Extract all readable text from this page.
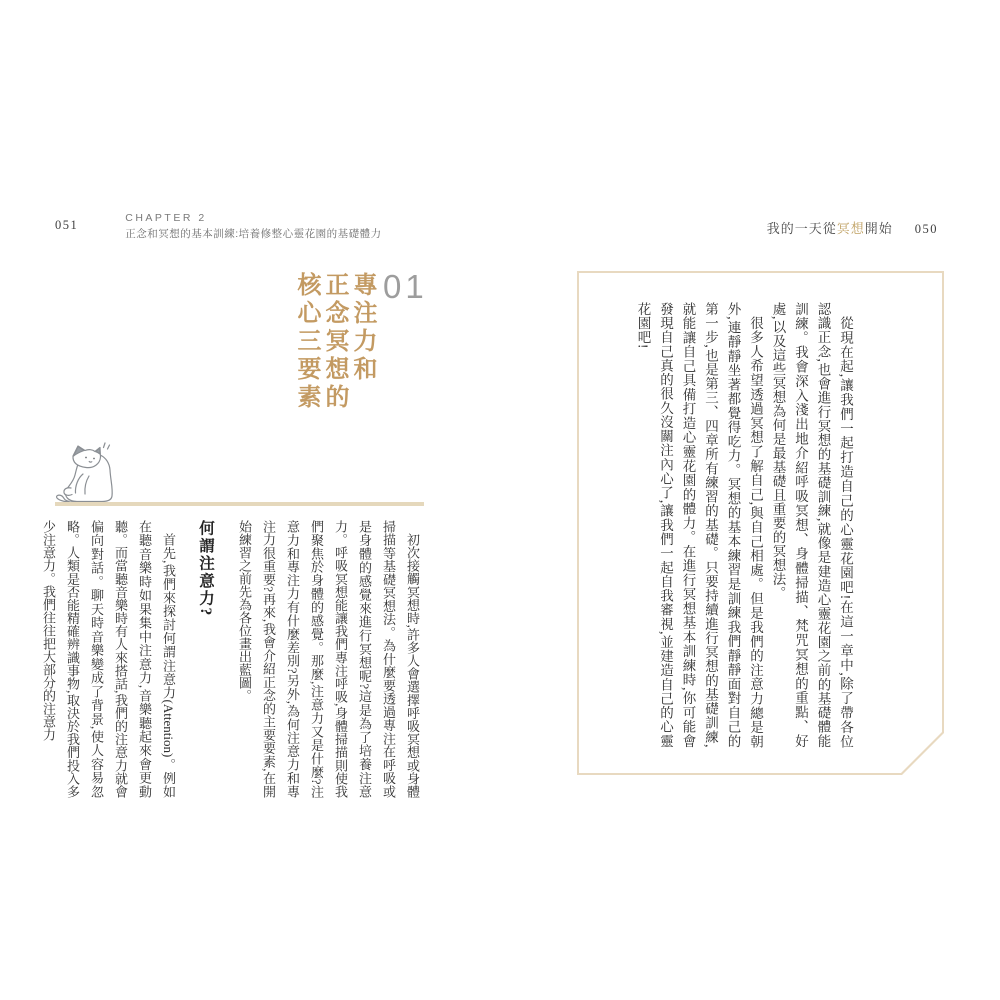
051	CHAPTER 2
正念和冥想的基本訓練:培養修整心靈花園的基礎體力	我的一天從冥想開始 050
01
專注力和
正念冥想的
核心三要素

初次接觸冥想時,許多人會選擇呼吸冥想或身體掃描等基礎冥想法。為什麼要透過專注在呼吸或是身體的感覺來進行冥想呢?這是為了培養注意力。呼吸冥想能讓我們專注呼吸,身體掃描則使我們聚焦於身體的感覺。那麼,注意力又是什麼?注意力和專注力有什麼差別?另外,為何注意力和專注力很重要?再來,我會介紹正念的主要要素,在開始練習之前先為各位畫出藍圖。

何謂注意力?

首先,我們來探討何謂注意力(Attention)。例如在聽音樂時如果集中注意力,音樂聽起來會更動聽。而當聽音樂時有人來搭話,我們的注意力就會偏向對話。聊天時音樂變成了背景,使人容易忽略。人類是否能精確辨識事物,取決於我們投入多少注意力。我們往往把大部分的注意力	從現在起,讓我們一起打造自己的心靈花園吧!在這一章中,除了帶各位認識正念,也會進行冥想的基礎訓練,就像是建造心靈花園之前的基礎體能訓練。我會深入淺出地介紹呼吸冥想、身體掃描、梵咒冥想的重點、好處,以及這些冥想為何是最基礎且重要的冥想法。

很多人希望透過冥想了解自己,與自己相處。但是我們的注意力總是朝外,連靜靜坐著都覺得吃力。冥想的基本練習是訓練我們靜靜面對自己的第一步,也是第三、四章所有練習的基礎。只要持續進行冥想的基礎訓練,就能讓自己具備打造心靈花園的體力。在進行冥想基本訓練時,你可能會發現自己真的很久沒關注內心了,讓我們一起自我審視,並建造自己的心靈花園吧!
